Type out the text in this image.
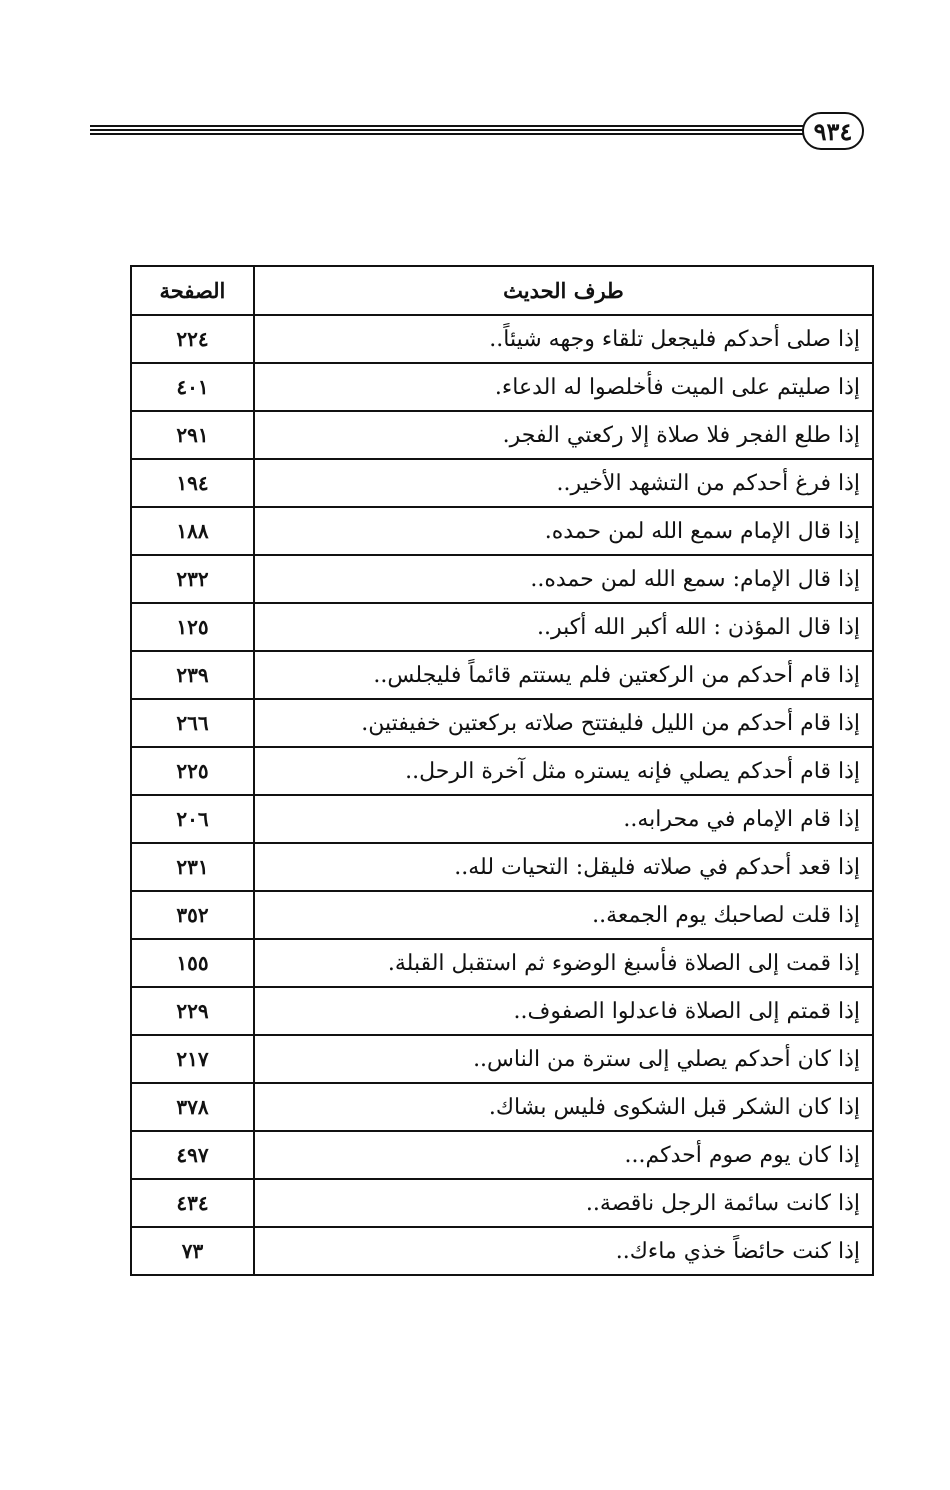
٩٣٤
طرف الحديث	الصفحة
إذا صلى أحدكم فليجعل تلقاء وجهه شيئاً..	٢٢٤
إذا صليتم على الميت فأخلصوا له الدعاء.	٤٠١
إذا طلع الفجر فلا صلاة إلا ركعتي الفجر.	٢٩١
إذا فرغ أحدكم من التشهد الأخير..	١٩٤
إذا قال الإمام سمع الله لمن حمده.	١٨٨
إذا قال الإمام: سمع الله لمن حمده..	٢٣٢
إذا قال المؤذن : الله أكبر الله أكبر..	١٢٥
إذا قام أحدكم من الركعتين فلم يستتم قائماً فليجلس..	٢٣٩
إذا قام أحدكم من الليل فليفتتح صلاته بركعتين خفيفتين.	٢٦٦
إذا قام أحدكم يصلي فإنه يستره مثل آخرة الرحل..	٢٢٥
إذا قام الإمام في محرابه..	٢٠٦
إذا قعد أحدكم في صلاته فليقل: التحيات لله..	٢٣١
إذا قلت لصاحبك يوم الجمعة..	٣٥٢
إذا قمت إلى الصلاة فأسبغ الوضوء ثم استقبل القبلة.	١٥٥
إذا قمتم إلى الصلاة فاعدلوا الصفوف..	٢٢٩
إذا كان أحدكم يصلي إلى سترة من الناس..	٢١٧
إذا كان الشكر قبل الشكوى فليس بشاك.	٣٧٨
إذا كان يوم صوم أحدكم...	٤٩٧
إذا كانت سائمة الرجل ناقصة..	٤٣٤
إذا كنت حائضاً خذي ماءك..	٧٣
